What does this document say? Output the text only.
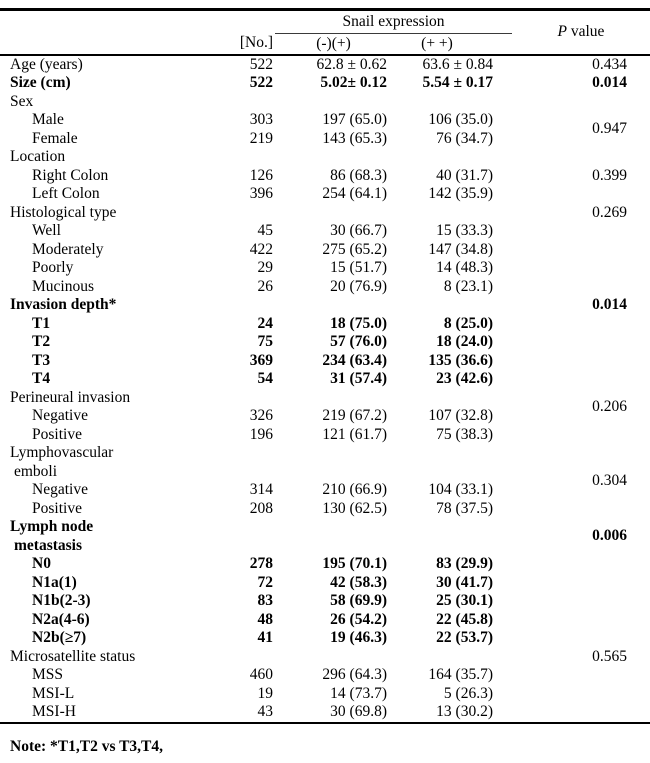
		Snail expression		P value
	[No.]	(-)(+)	(+ +)	
Age (years)	522	62.8 ± 0.62	63.6 ± 0.84	0.434
Size (cm)	522	5.02± 0.12	5.54 ± 0.17	0.014
Sex				
Male	303	197 (65.0)	106 (35.0)	0.947
Female	219	143 (65.3)	76 (34.7)	
Location				
Right Colon	126	86 (68.3)	40 (31.7)	0.399
Left Colon	396	254 (64.1)	142 (35.9)	
Histological type				0.269
Well	45	30 (66.7)	15 (33.3)	
Moderately	422	275 (65.2)	147 (34.8)	
Poorly	29	15 (51.7)	14 (48.3)	
Mucinous	26	20 (76.9)	8 (23.1)	
Invasion depth*				0.014
T1	24	18 (75.0)	8 (25.0)	
T2	75	57 (76.0)	18 (24.0)	
T3	369	234 (63.4)	135 (36.6)	
T4	54	31 (57.4)	23 (42.6)	
Perineural invasion				0.206
Negative	326	219 (67.2)	107 (32.8)	
Positive	196	121 (61.7)	75 (38.3)	
Lymphovascular
emboli				0.304
Negative	314	210 (66.9)	104 (33.1)	
Positive	208	130 (62.5)	78 (37.5)	
Lymph node
metastasis				0.006
N0	278	195 (70.1)	83 (29.9)	
N1a(1)	72	42 (58.3)	30 (41.7)	
N1b(2-3)	83	58 (69.9)	25 (30.1)	
N2a(4-6)	48	26 (54.2)	22 (45.8)	
N2b(≥7)	41	19 (46.3)	22 (53.7)	
Microsatellite status				0.565
MSS	460	296 (64.3)	164 (35.7)	
MSI-L	19	14 (73.7)	5 (26.3)	
MSI-H	43	30 (69.8)	13 (30.2)	
Note: *T1,T2 vs T3,T4,
